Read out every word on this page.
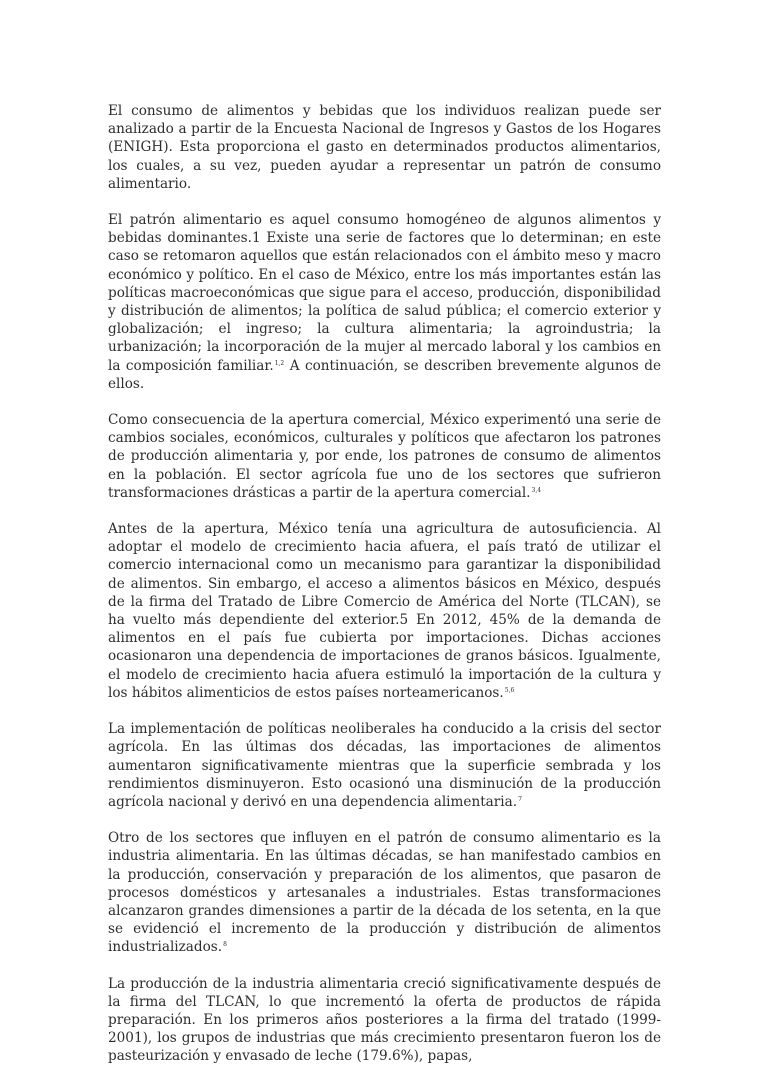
El consumo de alimentos y bebidas que los individuos realizan puede ser analizado a partir de la Encuesta Nacional de Ingresos y Gastos de los Hogares (ENIGH). Esta proporciona el gasto en determinados productos alimentarios, los cuales, a su vez, pueden ayudar a representar un patrón de consumo alimentario.

El patrón alimentario es aquel consumo homogéneo de algunos alimentos y bebidas dominantes.1 Existe una serie de factores que lo determinan; en este caso se retomaron aquellos que están relacionados con el ámbito meso y macro económico y político. En el caso de México, entre los más importantes están las políticas macroeconómicas que sigue para el acceso, producción, disponibilidad y distribución de alimentos; la política de salud pública; el comercio exterior y globalización; el ingreso; la cultura alimentaria; la agroindustria; la urbanización; la incorporación de la mujer al mercado laboral y los cambios en la composición familiar.$^{1,2}$ A continuación, se describen brevemente algunos de ellos.

Como consecuencia de la apertura comercial, México experimentó una serie de cambios sociales, económicos, culturales y políticos que afectaron los patrones de producción alimentaria y, por ende, los patrones de consumo de alimentos en la población. El sector agrícola fue uno de los sectores que sufrieron transformaciones drásticas a partir de la apertura comercial.$^{3,4}$

Antes de la apertura, México tenía una agricultura de autosuficiencia. Al adoptar el modelo de crecimiento hacia afuera, el país trató de utilizar el comercio internacional como un mecanismo para garantizar la disponibilidad de alimentos. Sin embargo, el acceso a alimentos básicos en México, después de la firma del Tratado de Libre Comercio de América del Norte (TLCAN), se ha vuelto más dependiente del exterior.5 En 2012, 45% de la demanda de alimentos en el país fue cubierta por importaciones. Dichas acciones ocasionaron una dependencia de importaciones de granos básicos. Igualmente, el modelo de crecimiento hacia afuera estimuló la importación de la cultura y los hábitos alimenticios de estos países norteamericanos.$^{5,6}$

La implementación de políticas neoliberales ha conducido a la crisis del sector agrícola. En las últimas dos décadas, las importaciones de alimentos aumentaron significativamente mientras que la superficie sembrada y los rendimientos disminuyeron. Esto ocasionó una disminución de la producción agrícola nacional y derivó en una dependencia alimentaria.$^7$

Otro de los sectores que influyen en el patrón de consumo alimentario es la industria alimentaria. En las últimas décadas, se han manifestado cambios en la producción, conservación y preparación de los alimentos, que pasaron de procesos domésticos y artesanales a industriales. Estas transformaciones alcanzaron grandes dimensiones a partir de la década de los setenta, en la que se evidenció el incremento de la producción y distribución de alimentos industrializados.$^8$

La producción de la industria alimentaria creció significativamente después de la firma del TLCAN, lo que incrementó la oferta de productos de rápida preparación. En los primeros años posteriores a la firma del tratado (1999-2001), los grupos de industrias que más crecimiento presentaron fueron los de pasteurización y envasado de leche (179.6%), papas,
